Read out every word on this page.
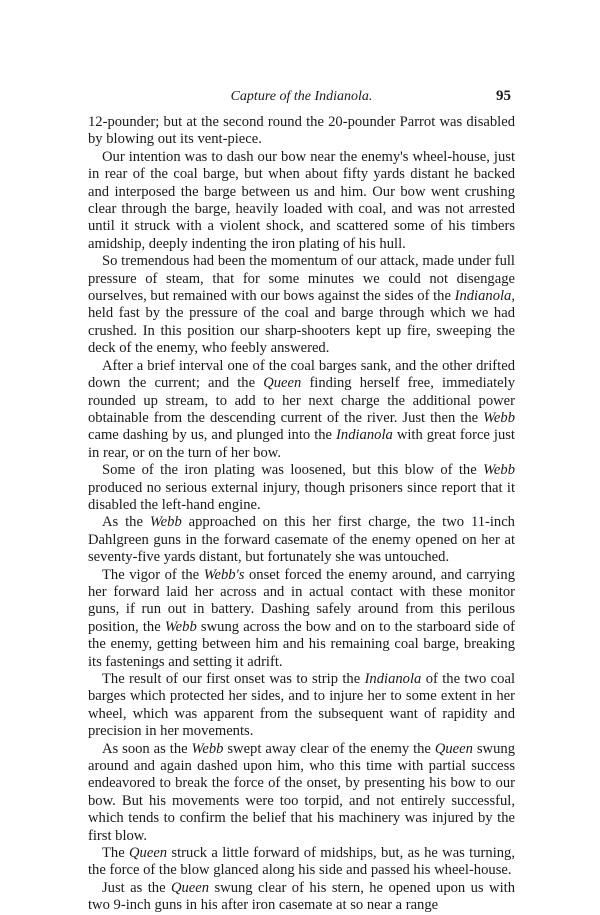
Capture of the Indianola.	95

12-pounder; but at the second round the 20-pounder Parrot was disabled by blowing out its vent-piece.

Our intention was to dash our bow near the enemy's wheel-house, just in rear of the coal barge, but when about fifty yards distant he backed and interposed the barge between us and him. Our bow went crushing clear through the barge, heavily loaded with coal, and was not arrested until it struck with a violent shock, and scattered some of his timbers amidship, deeply indenting the iron plating of his hull.

So tremendous had been the momentum of our attack, made under full pressure of steam, that for some minutes we could not disengage ourselves, but remained with our bows against the sides of the Indianola, held fast by the pressure of the coal and barge through which we had crushed. In this position our sharp-shooters kept up fire, sweeping the deck of the enemy, who feebly answered.

After a brief interval one of the coal barges sank, and the other drifted down the current; and the Queen finding herself free, immediately rounded up stream, to add to her next charge the additional power obtainable from the descending current of the river. Just then the Webb came dashing by us, and plunged into the Indianola with great force just in rear, or on the turn of her bow.

Some of the iron plating was loosened, but this blow of the Webb produced no serious external injury, though prisoners since report that it disabled the left-hand engine.

As the Webb approached on this her first charge, the two 11-inch Dahlgreen guns in the forward casemate of the enemy opened on her at seventy-five yards distant, but fortunately she was untouched.

The vigor of the Webb's onset forced the enemy around, and carrying her forward laid her across and in actual contact with these monitor guns, if run out in battery. Dashing safely around from this perilous position, the Webb swung across the bow and on to the starboard side of the enemy, getting between him and his remaining coal barge, breaking its fastenings and setting it adrift.

The result of our first onset was to strip the Indianola of the two coal barges which protected her sides, and to injure her to some extent in her wheel, which was apparent from the subsequent want of rapidity and precision in her movements.

As soon as the Webb swept away clear of the enemy the Queen swung around and again dashed upon him, who this time with partial success endeavored to break the force of the onset, by presenting his bow to our bow. But his movements were too torpid, and not entirely successful, which tends to confirm the belief that his machinery was injured by the first blow.

The Queen struck a little forward of midships, but, as he was turning, the force of the blow glanced along his side and passed his wheel-house.

Just as the Queen swung clear of his stern, he opened upon us with two 9-inch guns in his after iron casemate at so near a range
